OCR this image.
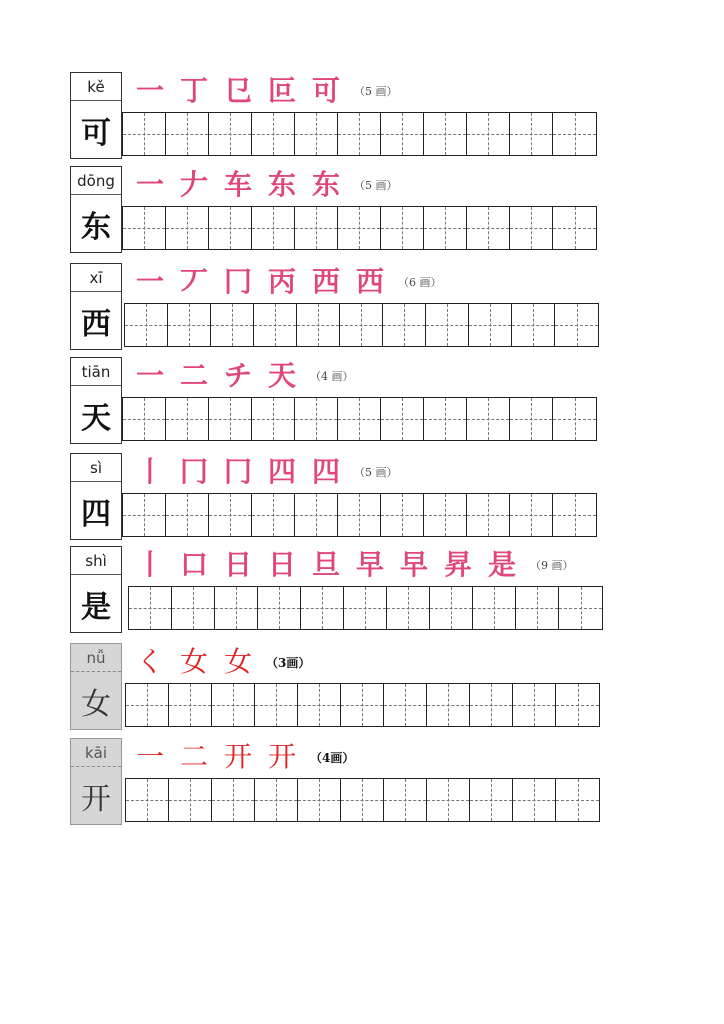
kě
可
一 丁 㔾 叵 可	（5 画）
dōng
东
一 𠂇 车 东 东	（5 画）
xī
西
一 丆 冂 丙 西 西	（6 画）
tiān
天
一 二 チ 天	（4 画）
sì
四
丨 冂 冂 四 四	（5 画）
shì
是
丨 口 日 日 旦 早 早 昇 是	（9 画）
nǚ
女
く 女 女	（3画）
kāi
开
一 二 开 开	（4画）
